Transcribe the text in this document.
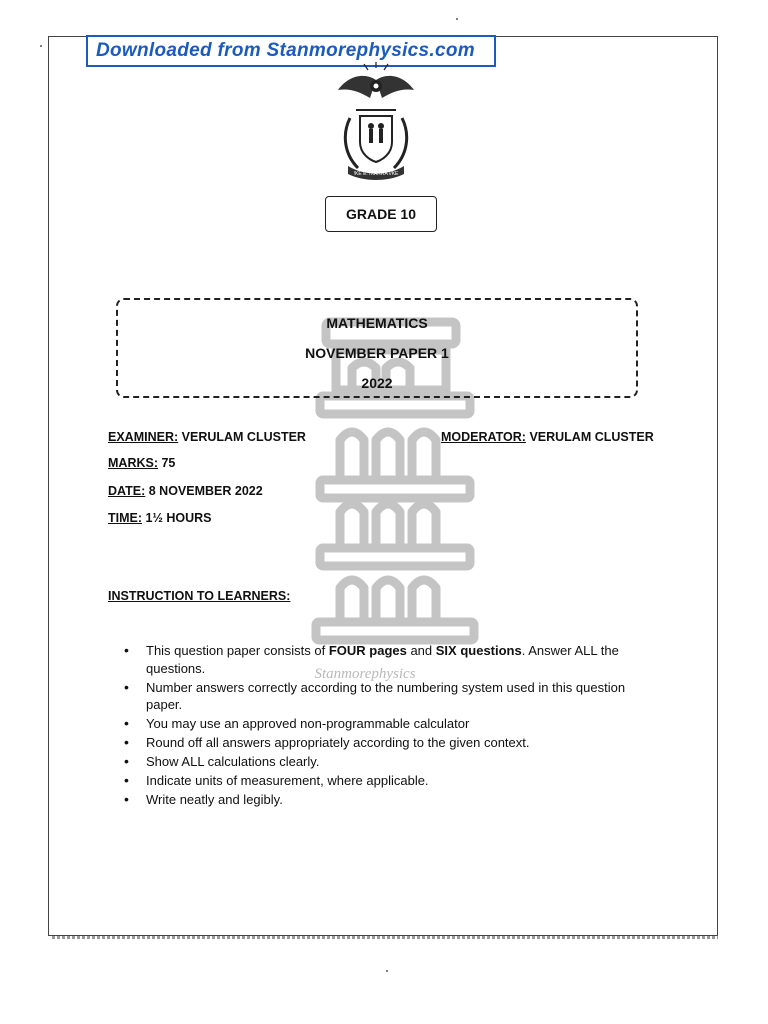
Downloaded from Stanmorephysics.com
!KE E: /XARRA //KE
GRADE 10
Stanmorephysics
MATHEMATICS
NOVEMBER PAPER 1
2022
EXAMINER: VERULAM CLUSTER	MODERATOR: VERULAM CLUSTER
MARKS: 75
DATE: 8 NOVEMBER 2022
TIME: 1½ HOURS
INSTRUCTION TO LEARNERS:
• This question paper consists of FOUR pages and SIX questions. Answer ALL the questions.
• Number answers correctly according to the numbering system used in this question paper.
• You may use an approved non-programmable calculator
• Round off all answers appropriately according to the given context.
• Show ALL calculations clearly.
• Indicate units of measurement, where applicable.
• Write neatly and legibly.
